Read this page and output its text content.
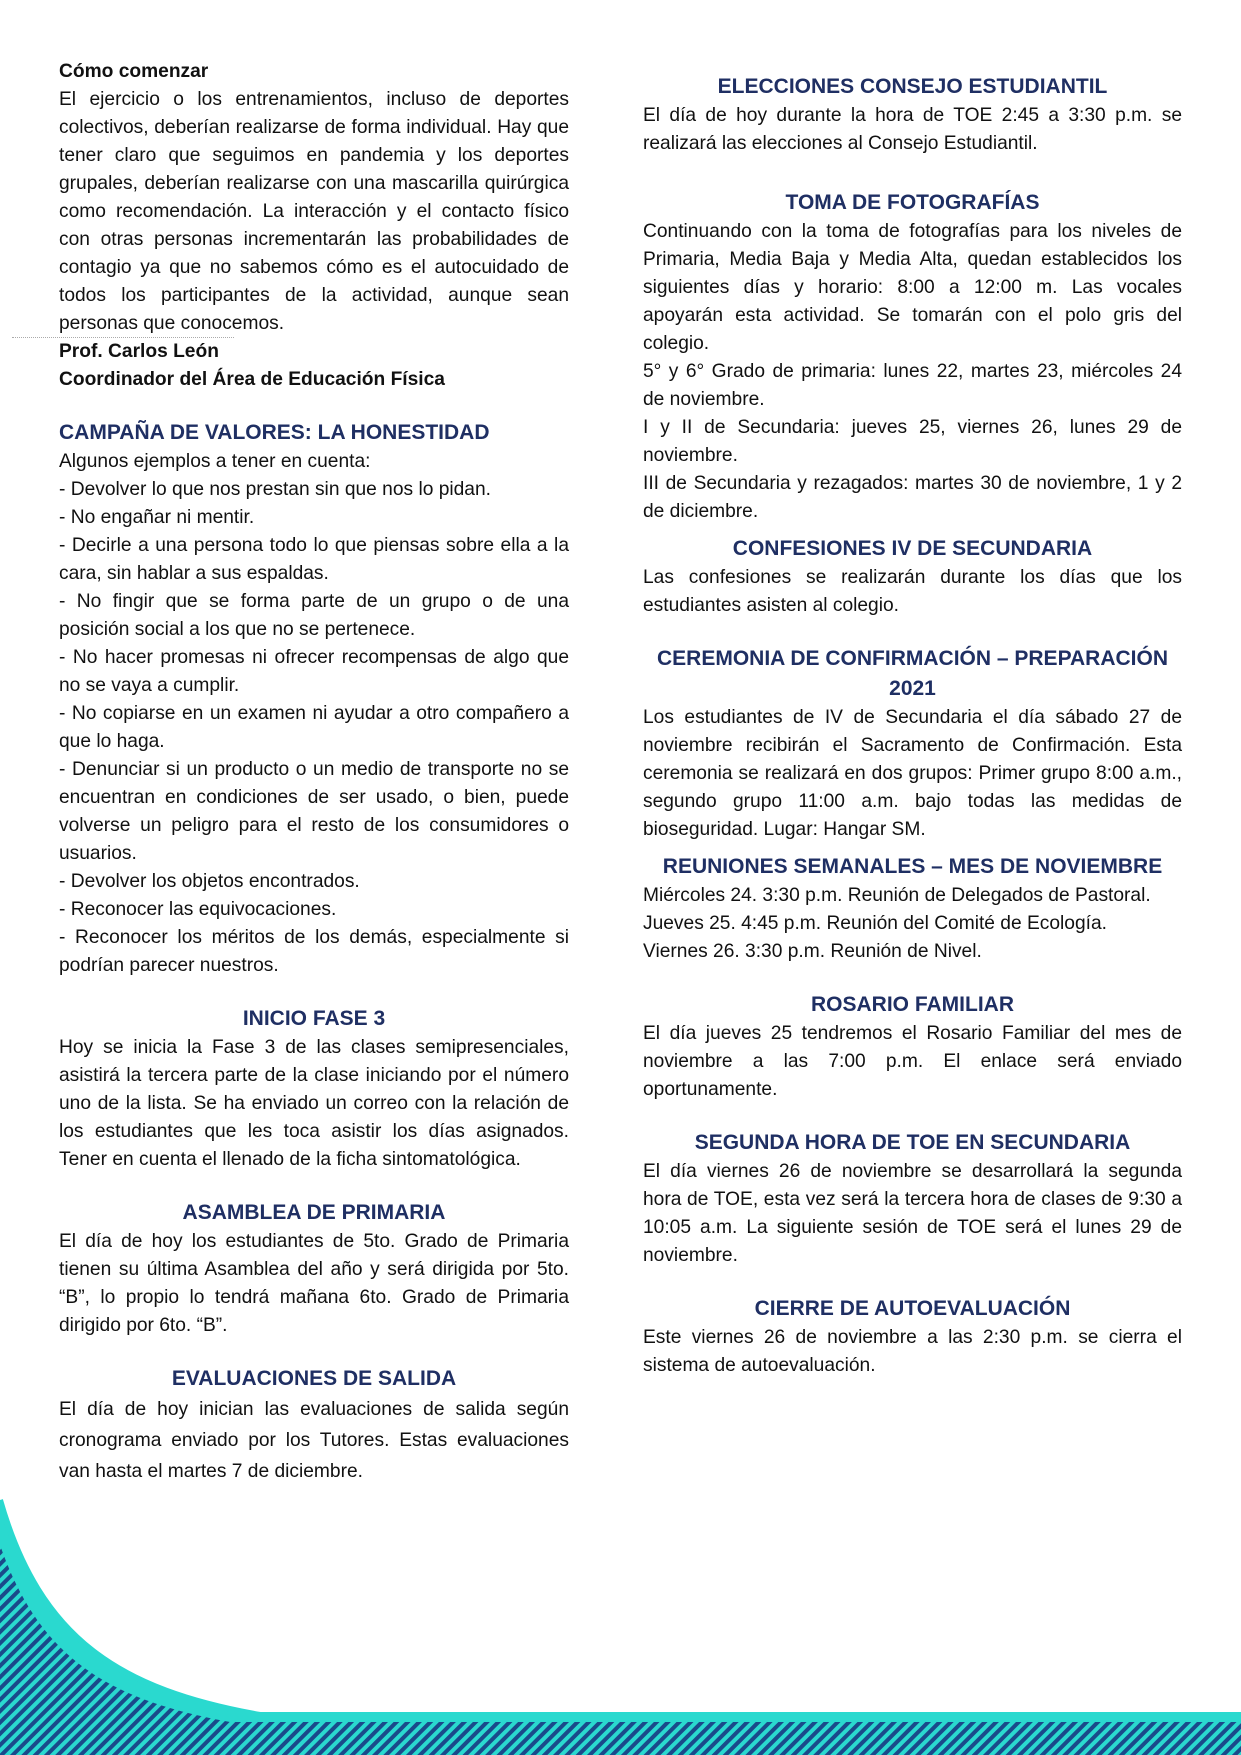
Cómo comenzar

El ejercicio o los entrenamientos, incluso de deportes colectivos, deberían realizarse de forma individual. Hay que tener claro que seguimos en pandemia y los deportes grupales, deberían realizarse con una mascarilla quirúrgica como recomendación. La interacción y el contacto físico con otras personas incrementarán las probabilidades de contagio ya que no sabemos cómo es el autocuidado de todos los participantes de la actividad, aunque sean personas que conocemos.

Prof. Carlos León

Coordinador del Área de Educación Física

CAMPAÑA DE VALORES: LA HONESTIDAD

Algunos ejemplos a tener en cuenta:

- Devolver lo que nos prestan sin que nos lo pidan.

- No engañar ni mentir.

- Decirle a una persona todo lo que piensas sobre ella a la cara, sin hablar a sus espaldas.

- No fingir que se forma parte de un grupo o de una posición social a los que no se pertenece.

- No hacer promesas ni ofrecer recompensas de algo que no se vaya a cumplir.

- No copiarse en un examen ni ayudar a otro compañero a que lo haga.

- Denunciar si un producto o un medio de transporte no se encuentran en condiciones de ser usado, o bien, puede volverse un peligro para el resto de los consumidores o usuarios.

- Devolver los objetos encontrados.

- Reconocer las equivocaciones.

- Reconocer los méritos de los demás, especialmente si podrían parecer nuestros.

INICIO FASE 3

Hoy se inicia la Fase 3 de las clases semipresenciales, asistirá la tercera parte de la clase iniciando por el número uno de la lista. Se ha enviado un correo con la relación de los estudiantes que les toca asistir los días asignados. Tener en cuenta el llenado de la ficha sintomatológica.

ASAMBLEA DE PRIMARIA

El día de hoy los estudiantes de 5to. Grado de Primaria tienen su última Asamblea del año y será dirigida por 5to. “B”, lo propio lo tendrá mañana 6to. Grado de Primaria dirigido por 6to. “B”.

EVALUACIONES DE SALIDA

El día de hoy inician las evaluaciones de salida según cronograma enviado por los Tutores. Estas evaluaciones van hasta el martes 7 de diciembre.

ELECCIONES CONSEJO ESTUDIANTIL

El día de hoy durante la hora de TOE 2:45 a 3:30 p.m. se realizará las elecciones al Consejo Estudiantil.

TOMA DE FOTOGRAFÍAS

Continuando con la toma de fotografías para los niveles de Primaria, Media Baja y Media Alta, quedan establecidos los siguientes días y horario: 8:00 a 12:00 m. Las vocales apoyarán esta actividad. Se tomarán con el polo gris del colegio.

5° y 6° Grado de primaria: lunes 22, martes 23, miércoles 24 de noviembre.

I y II de Secundaria: jueves 25, viernes 26, lunes 29 de noviembre.

III de Secundaria y rezagados: martes 30 de noviembre, 1 y 2 de diciembre.

CONFESIONES IV DE SECUNDARIA

Las confesiones se realizarán durante los días que los estudiantes asisten al colegio.

CEREMONIA DE CONFIRMACIÓN – PREPARACIÓN 2021

Los estudiantes de IV de Secundaria el día sábado 27 de noviembre recibirán el Sacramento de Confirmación. Esta ceremonia se realizará en dos grupos: Primer grupo 8:00 a.m., segundo grupo 11:00 a.m. bajo todas las medidas de bioseguridad. Lugar: Hangar SM.

REUNIONES SEMANALES – MES DE NOVIEMBRE

Miércoles 24. 3:30 p.m. Reunión de Delegados de Pastoral.

Jueves 25. 4:45 p.m. Reunión del Comité de Ecología.

Viernes 26. 3:30 p.m. Reunión de Nivel.

ROSARIO FAMILIAR

El día jueves 25 tendremos el Rosario Familiar del mes de noviembre a las 7:00 p.m. El enlace será enviado oportunamente.

SEGUNDA HORA DE TOE EN SECUNDARIA

El día viernes 26 de noviembre se desarrollará la segunda hora de TOE, esta vez será la tercera hora de clases de 9:30 a 10:05 a.m. La siguiente sesión de TOE será el lunes 29 de noviembre.

CIERRE DE AUTOEVALUACIÓN

Este viernes 26 de noviembre a las 2:30 p.m. se cierra el sistema de autoevaluación.
